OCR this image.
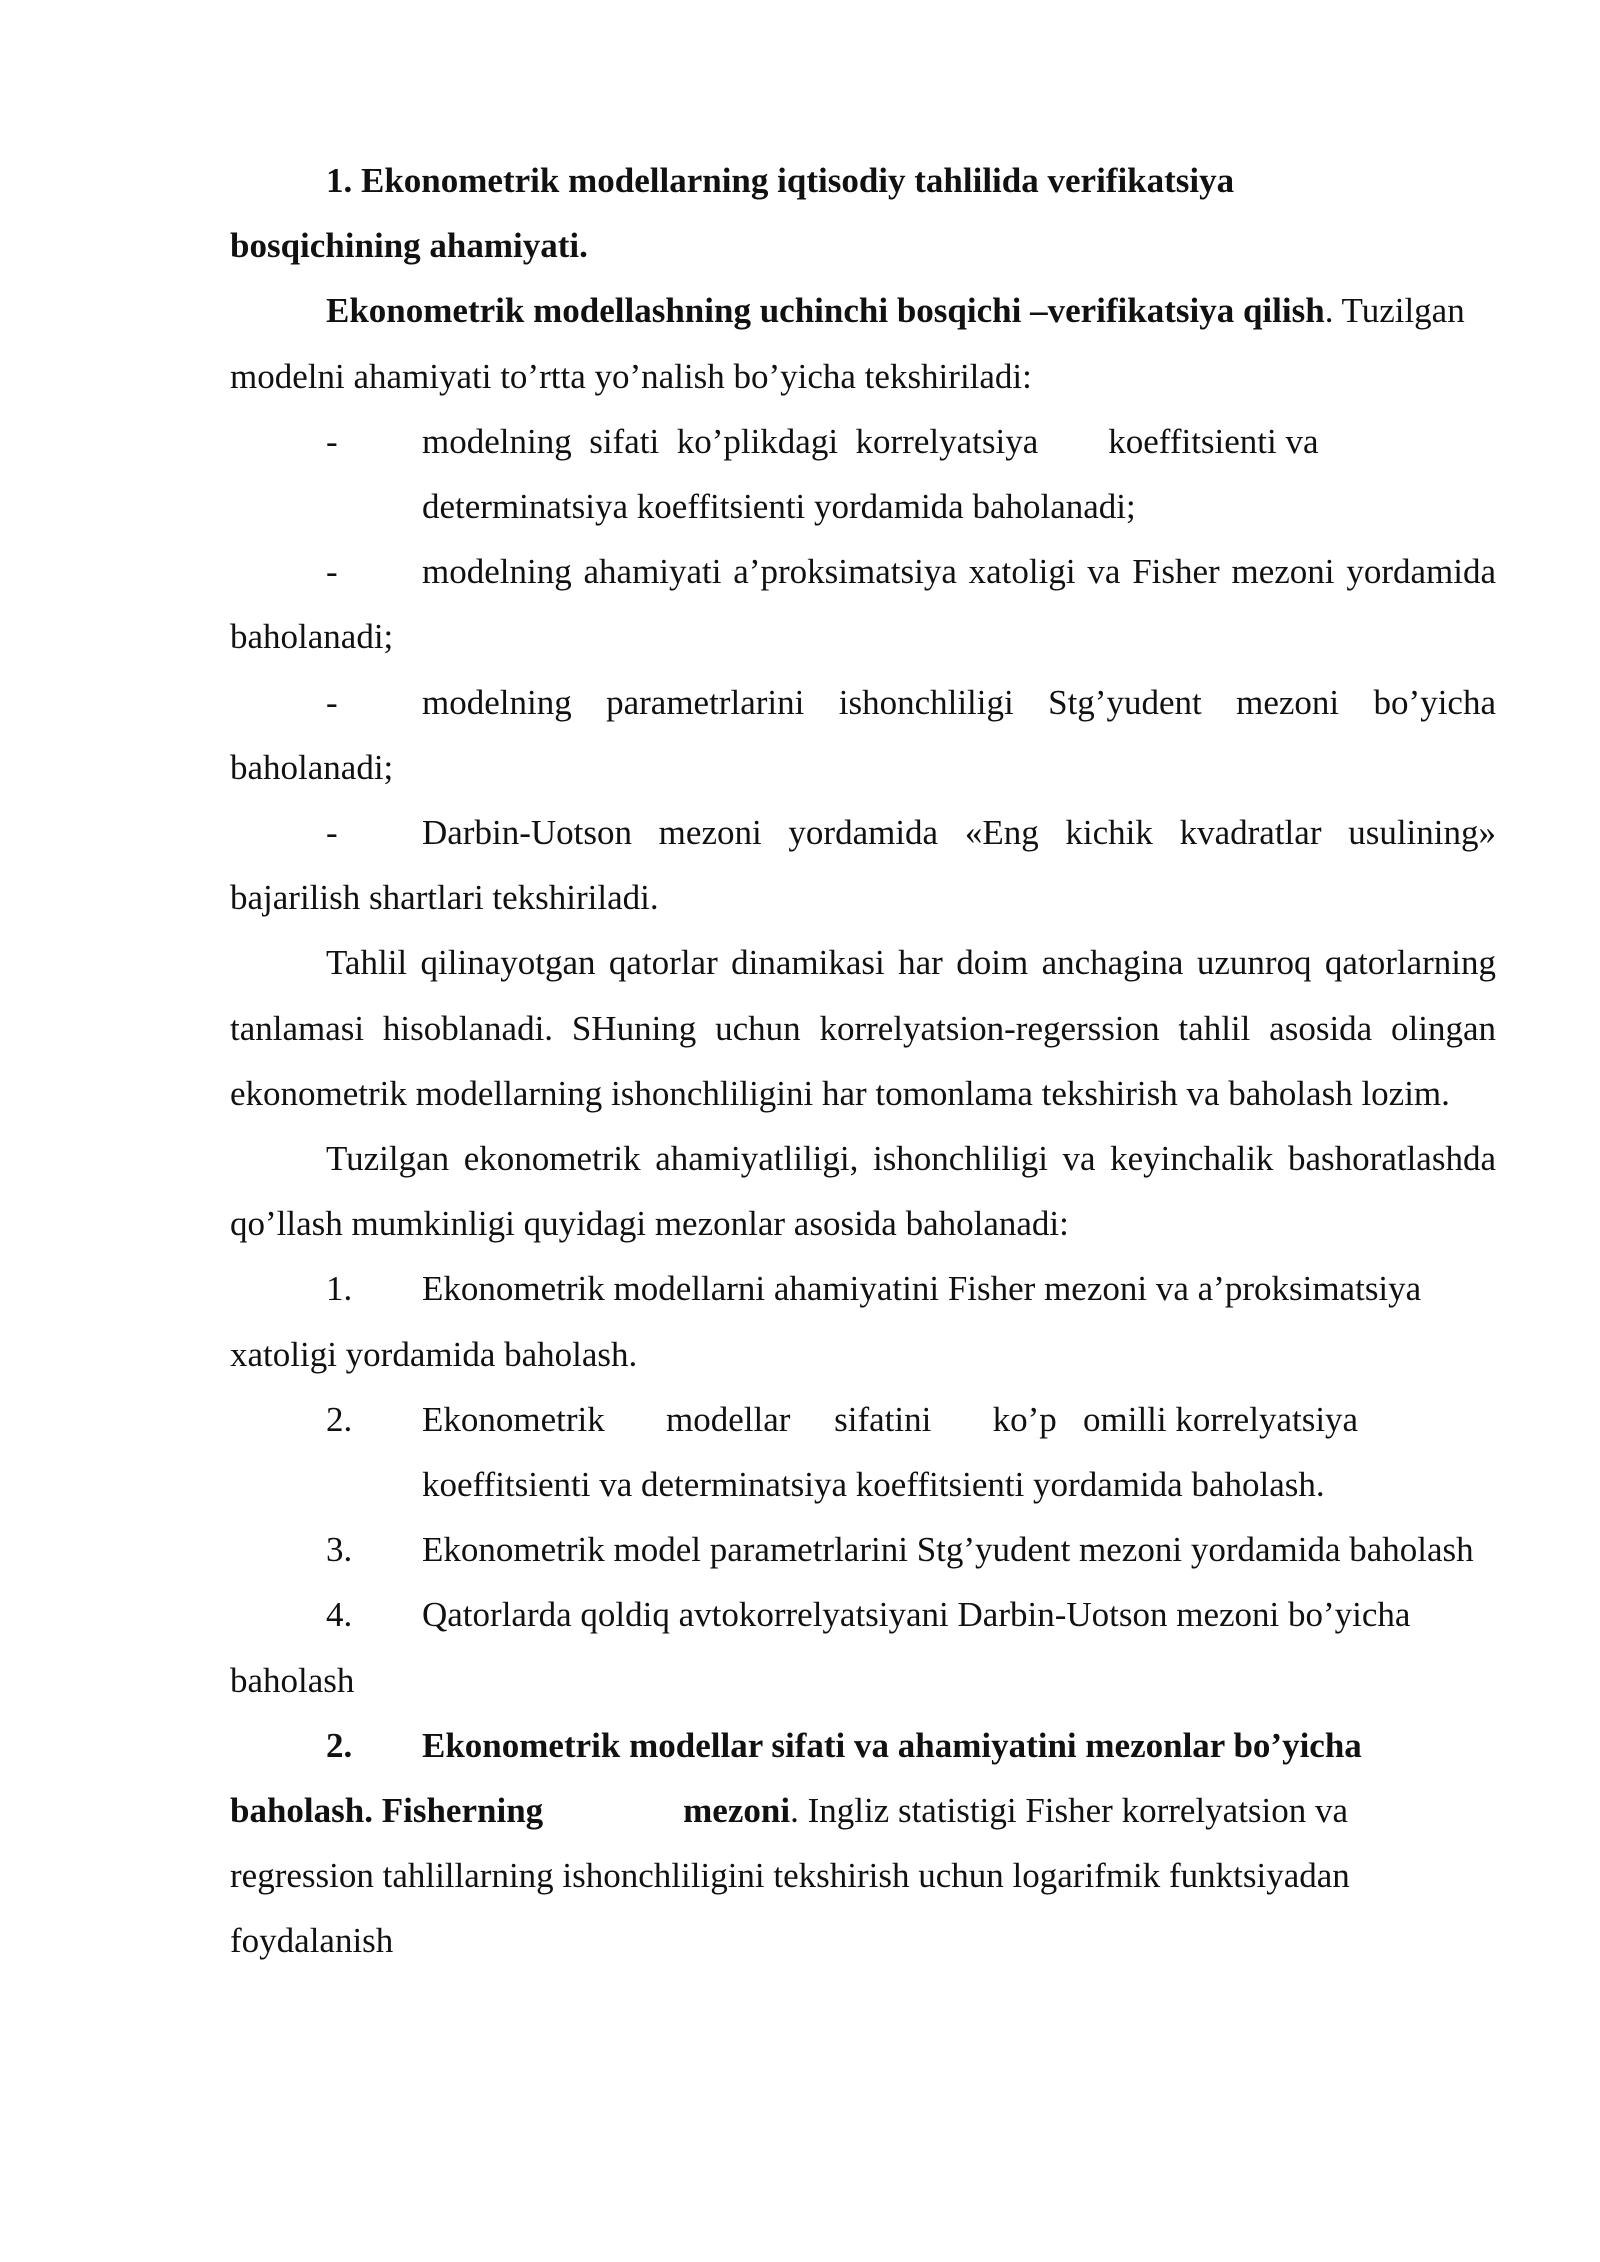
1. Ekonometrik modellarning iqtisodiy tahlilida verifikatsiya
bosqichining ahamiyati.

Ekonometrik modellashning uchinchi bosqichi –verifikatsiya qilish. Tuzilgan modelni ahamiyati to’rtta yo’nalish bo’yicha tekshiriladi:

-	modelning  sifati  ko’plikdagi  korrelyatsiya        koeffitsienti va determinatsiya koeffitsienti yordamida baholanadi;

- modelning ahamiyati a’proksimatsiya xatoligi va Fisher mezoni yordamida baholanadi;

- modelning parametrlarini ishonchliligi Stg’yudent mezoni bo’yicha baholanadi;

- Darbin-Uotson mezoni yordamida «Eng kichik kvadratlar usulining» bajarilish shartlari tekshiriladi.

Tahlil qilinayotgan qatorlar dinamikasi har doim anchagina uzunroq qatorlarning tanlamasi hisoblanadi. SHuning uchun korrelyatsion-regerssion tahlil asosida olingan ekonometrik modellarning ishonchliligini har tomonlama tekshirish va baholash lozim.

Tuzilgan ekonometrik ahamiyatliligi, ishonchliligi va keyinchalik bashoratlashda qo’llash mumkinligi quyidagi mezonlar asosida baholanadi:

1. Ekonometrik modellarni ahamiyatini Fisher mezoni va a’proksimatsiya xatoligi yordamida baholash.

2.	Ekonometrik       modellar     sifatini       ko’p   omilli korrelyatsiya koeffitsienti va determinatsiya koeffitsienti yordamida baholash.

3. Ekonometrik model parametrlarini Stg’yudent mezoni yordamida baholash

4. Qatorlarda qoldiq avtokorrelyatsiyani Darbin-Uotson mezoni bo’yicha baholash

2. Ekonometrik modellar sifati va ahamiyatini mezonlar bo’yicha baholash. Fisherning	mezoni. Ingliz statistigi Fisher korrelyatsion va regression tahlillarning ishonchliligini tekshirish uchun logarifmik funktsiyadan foydalanish
